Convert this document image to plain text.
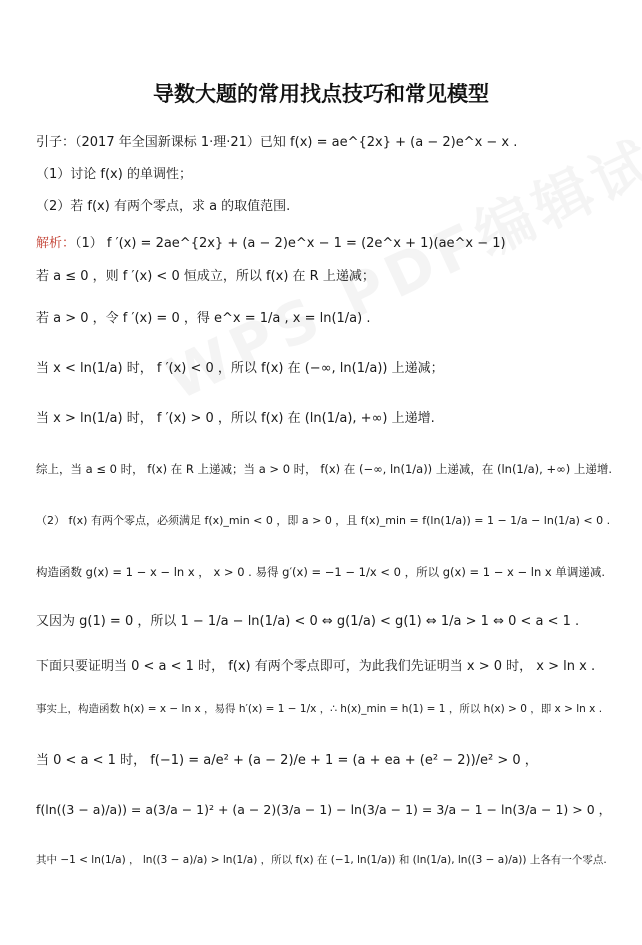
导数大题的常用找点技巧和常见模型
引子：（2017 年全国新课标 1·理·21）已知 f(x) = ae^{2x} + (a − 2)e^x − x .
（1）讨论 f(x) 的单调性；
（2）若 f(x) 有两个零点，求 a 的取值范围.
解析：（1） f ′(x) = 2ae^{2x} + (a − 2)e^x − 1 = (2e^x + 1)(ae^x − 1)
若 a ≤ 0 ，则 f ′(x) < 0 恒成立，所以 f(x) 在 R 上递减；
若 a > 0 ，令 f ′(x) = 0 ，得 e^x = 1/a , x = ln(1/a) .
当 x < ln(1/a) 时， f ′(x) < 0 ，所以 f(x) 在 (−∞, ln(1/a)) 上递减；
当 x > ln(1/a) 时， f ′(x) > 0 ，所以 f(x) 在 (ln(1/a), +∞) 上递增.
综上，当 a ≤ 0 时， f(x) 在 R 上递减；当 a > 0 时， f(x) 在 (−∞, ln(1/a)) 上递减，在 (ln(1/a), +∞) 上递增.
（2） f(x) 有两个零点，必须满足 f(x)_min < 0 ，即 a > 0 ，且 f(x)_min = f(ln(1/a)) = 1 − 1/a − ln(1/a) < 0 .
构造函数 g(x) = 1 − x − ln x ， x > 0 . 易得 g′(x) = −1 − 1/x < 0 ，所以 g(x) = 1 − x − ln x 单调递减.
又因为 g(1) = 0 ，所以 1 − 1/a − ln(1/a) < 0 ⇔ g(1/a) < g(1) ⇔ 1/a > 1 ⇔ 0 < a < 1 .
下面只要证明当 0 < a < 1 时， f(x) 有两个零点即可，为此我们先证明当 x > 0 时， x > ln x .
事实上，构造函数 h(x) = x − ln x ，易得 h′(x) = 1 − 1/x ，∴ h(x)_min = h(1) = 1 ，所以 h(x) > 0 ，即 x > ln x .
当 0 < a < 1 时， f(−1) = a/e² + (a − 2)/e + 1 = (a + ea + (e² − 2))/e² > 0 ，
f(ln((3 − a)/a)) = a(3/a − 1)² + (a − 2)(3/a − 1) − ln(3/a − 1) = 3/a − 1 − ln(3/a − 1) > 0 ，
其中 −1 < ln(1/a) ， ln((3 − a)/a) > ln(1/a) ，所以 f(x) 在 (−1, ln(1/a)) 和 (ln(1/a), ln((3 − a)/a)) 上各有一个零点.
